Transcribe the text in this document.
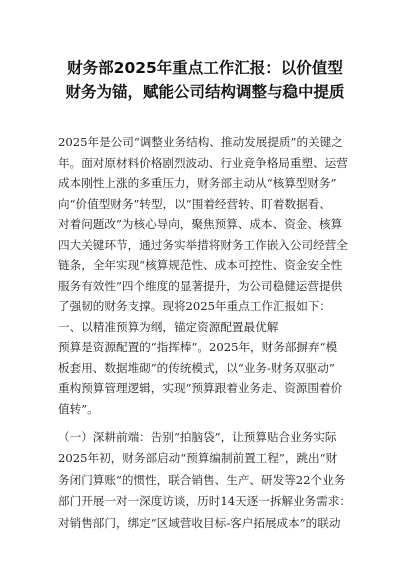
财务部2025年重点工作汇报：以价值型
财务为锚，赋能公司结构调整与稳中提质
2025年是公司“调整业务结构、推动发展提质”的关键之
年。面对原材料价格剧烈波动、行业竞争格局重塑、运营
成本刚性上涨的多重压力，财务部主动从“核算型财务”
向“价值型财务”转型，以“围着经营转、盯着数据看、
对着问题改”为核心导向，聚焦预算、成本、资金、核算
四大关键环节，通过务实举措将财务工作嵌入公司经营全
链条，全年实现“核算规范性、成本可控性、资金安全性
服务有效性”四个维度的显著提升，为公司稳健运营提供
了强韧的财务支撑。现将2025年重点工作汇报如下：
一、以精准预算为纲，锚定资源配置最优解
预算是资源配置的“指挥棒”。2025年，财务部摒弃“模
板套用、数据堆砌”的传统模式，以“业务-财务双驱动”
重构预算管理逻辑，实现“预算跟着业务走、资源围着价
值转”。
（一）深耕前端：告别“拍脑袋”，让预算贴合业务实际
2025年初，财务部启动“预算编制前置工程”，跳出“财
务闭门算账”的惯性，联合销售、生产、研发等22个业务
部门开展一对一深度访谈，历时14天逐一拆解业务需求：
对销售部门，绑定“区域营收目标-客户拓展成本”的联动
